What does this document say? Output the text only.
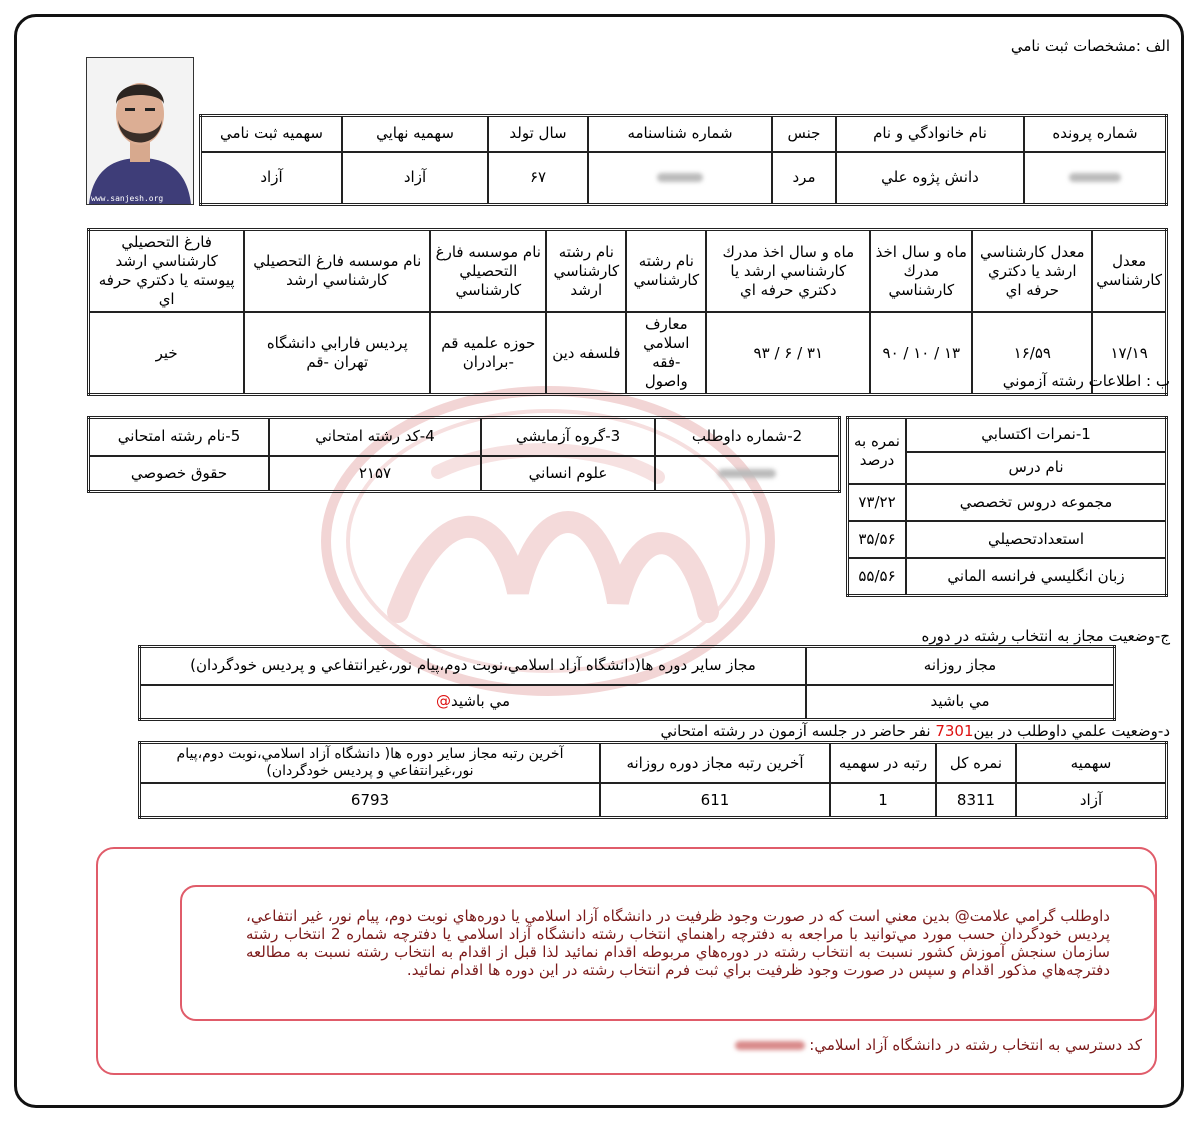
الف :مشخصات ثبت نامي
www.sanjesh.org
شماره پرونده	نام خانوادگي و نام	جنس	شماره شناسنامه	سال تولد	سهميه نهايي	سهميه ثبت نامي
	دانش پژوه علي	مرد		۶۷	آزاد	آزاد
معدل كارشناسي	معدل كارشناسي ارشد يا دكتري حرفه اي	ماه و سال اخذ مدرك كارشناسي	ماه و سال اخذ مدرك كارشناسي ارشد يا دكتري حرفه اي	نام رشته كارشناسي	نام رشته كارشناسي ارشد	نام موسسه فارغ التحصيلي كارشناسي	نام موسسه فارغ التحصيلي كارشناسي ارشد	فارغ التحصيلي كارشناسي ارشد پيوسته يا دكتري حرفه اي
۱۷/۱۹	۱۶/۵۹	۱۳ / ۱۰ / ۹۰	۳۱ / ۶ / ۹۳	معارف اسلامي -فقه واصول	فلسفه دين	حوزه علميه قم -برادران	پرديس فارابي دانشگاه تهران -قم	خير
ب : اطلاعات رشته آزموني
1-نمرات اكتسابي	نمره به درصد
نام درس	
مجموعه دروس تخصصي	۷۳/۲۲
استعدادتحصيلي	۳۵/۵۶
زبان انگليسي فرانسه الماني	۵۵/۵۶
2-شماره داوطلب	3-گروه آزمايشي	4-كد رشته امتحاني	5-نام رشته امتحاني
	علوم انساني	۲۱۵۷	حقوق خصوصي
ج-وضعيت مجاز به انتخاب رشته در دوره
مجاز روزانه	مجاز ساير دوره ها(دانشگاه آزاد اسلامي،نوبت دوم،پيام نور،غيرانتفاعي و پرديس خودگردان)
مي باشيد	مي باشيد@
د-وضعيت علمي داوطلب در بين7301 نفر حاضر در جلسه آزمون در رشته امتحاني
سهميه	نمره كل	رتبه در سهميه	آخرين رتبه مجاز دوره روزانه	آخرين رتبه مجاز ساير دوره ها( دانشگاه آزاد اسلامي،نوبت دوم،پيام نور،غيرانتفاعي و پرديس خودگردان)
آزاد	8311	1	611	6793
داوطلب گرامي علامت@ بدين معني است كه در صورت وجود ظرفيت در دانشگاه آزاد اسلامي يا دوره‌هاي نوبت دوم، پيام نور، غير انتفاعي، پرديس خودگردان حسب مورد مي‌توانيد با مراجعه به دفترچه راهنماي انتخاب رشته دانشگاه آزاد اسلامي يا دفترچه شماره 2 انتخاب رشته سازمان سنجش آموزش كشور نسبت به انتخاب رشته در دوره‌هاي مربوطه اقدام نمائيد لذا قبل از اقدام به انتخاب رشته نسبت به مطالعه دفترچه‌هاي مذكور اقدام و سپس در صورت وجود ظرفيت براي ثبت فرم انتخاب رشته در اين دوره ها اقدام نمائيد.
كد دسترسي به انتخاب رشته در دانشگاه آزاد اسلامي:
